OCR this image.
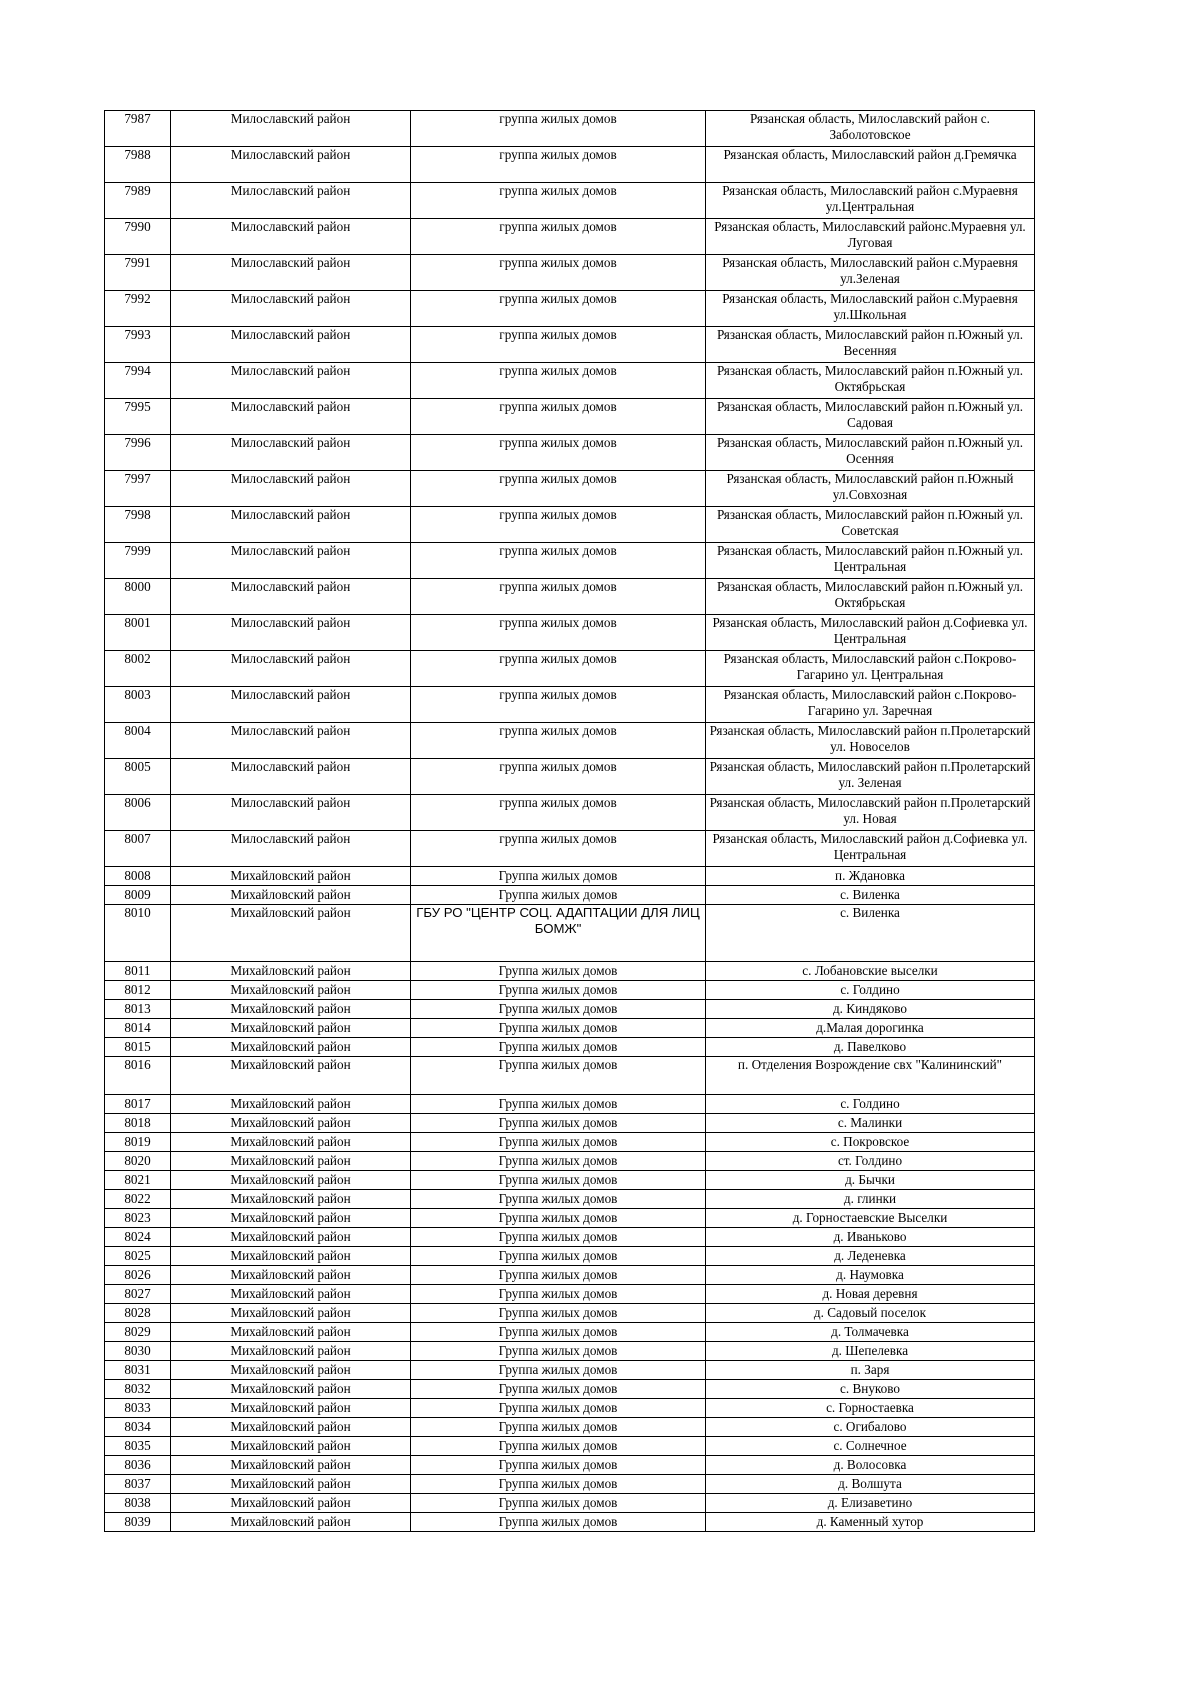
7987	Милославский район	группа жилых домов	Рязанская область, Милославский район с. Заболотовское
7988	Милославский район	группа жилых домов	Рязанская область, Милославский район д.Гремячка
7989	Милославский район	группа жилых домов	Рязанская область, Милославский район с.Мураевня ул.Центральная
7990	Милославский район	группа жилых домов	Рязанская область, Милославский районс.Мураевня ул. Луговая
7991	Милославский район	группа жилых домов	Рязанская область, Милославский район с.Мураевня ул.Зеленая
7992	Милославский район	группа жилых домов	Рязанская область, Милославский район с.Мураевня ул.Школьная
7993	Милославский район	группа жилых домов	Рязанская область, Милославский район п.Южный ул. Весенняя
7994	Милославский район	группа жилых домов	Рязанская область, Милославский район п.Южный ул. Октябрьская
7995	Милославский район	группа жилых домов	Рязанская область, Милославский район п.Южный ул. Садовая
7996	Милославский район	группа жилых домов	Рязанская область, Милославский район п.Южный ул. Осенняя
7997	Милославский район	группа жилых домов	Рязанская область, Милославский район п.Южный ул.Совхозная
7998	Милославский район	группа жилых домов	Рязанская область, Милославский район п.Южный ул. Советская
7999	Милославский район	группа жилых домов	Рязанская область, Милославский район п.Южный ул. Центральная
8000	Милославский район	группа жилых домов	Рязанская область, Милославский район п.Южный ул. Октябрьская
8001	Милославский район	группа жилых домов	Рязанская область, Милославский район д.Софиевка ул. Центральная
8002	Милославский район	группа жилых домов	Рязанская область, Милославский район с.Покрово-Гагарино ул. Центральная
8003	Милославский район	группа жилых домов	Рязанская область, Милославский район с.Покрово-Гагарино ул. Заречная
8004	Милославский район	группа жилых домов	Рязанская область, Милославский район п.Пролетарский ул. Новоселов
8005	Милославский район	группа жилых домов	Рязанская область, Милославский район п.Пролетарский ул. Зеленая
8006	Милославский район	группа жилых домов	Рязанская область, Милославский район п.Пролетарский ул. Новая
8007	Милославский район	группа жилых домов	Рязанская область, Милославский район д.Софиевка ул. Центральная
8008	Михайловский район	Группа жилых домов	п. Ждановка
8009	Михайловский район	Группа жилых домов	с. Виленка
8010	Михайловский район	ГБУ РО "ЦЕНТР СОЦ. АДАПТАЦИИ ДЛЯ ЛИЦ БОМЖ"	с. Виленка
8011	Михайловский район	Группа жилых домов	с. Лобановские выселки
8012	Михайловский район	Группа жилых домов	с. Голдино
8013	Михайловский район	Группа жилых домов	д. Киндяково
8014	Михайловский район	Группа жилых домов	д.Малая дорогинка
8015	Михайловский район	Группа жилых домов	д. Павелково
8016	Михайловский район	Группа жилых домов	п. Отделения Возрождение свх "Калининский"
8017	Михайловский район	Группа жилых домов	с. Голдино
8018	Михайловский район	Группа жилых домов	с. Малинки
8019	Михайловский район	Группа жилых домов	с. Покровское
8020	Михайловский район	Группа жилых домов	ст. Голдино
8021	Михайловский район	Группа жилых домов	д. Бычки
8022	Михайловский район	Группа жилых домов	д. глинки
8023	Михайловский район	Группа жилых домов	д. Горностаевские Выселки
8024	Михайловский район	Группа жилых домов	д. Иваньково
8025	Михайловский район	Группа жилых домов	д. Леденевка
8026	Михайловский район	Группа жилых домов	д. Наумовка
8027	Михайловский район	Группа жилых домов	д. Новая деревня
8028	Михайловский район	Группа жилых домов	д. Садовый поселок
8029	Михайловский район	Группа жилых домов	д. Толмачевка
8030	Михайловский район	Группа жилых домов	д. Шепелевка
8031	Михайловский район	Группа жилых домов	п. Заря
8032	Михайловский район	Группа жилых домов	с. Внуково
8033	Михайловский район	Группа жилых домов	с. Горностаевка
8034	Михайловский район	Группа жилых домов	с. Огибалово
8035	Михайловский район	Группа жилых домов	с. Солнечное
8036	Михайловский район	Группа жилых домов	д. Волосовка
8037	Михайловский район	Группа жилых домов	д. Волшута
8038	Михайловский район	Группа жилых домов	д. Елизаветино
8039	Михайловский район	Группа жилых домов	д. Каменный хутор
